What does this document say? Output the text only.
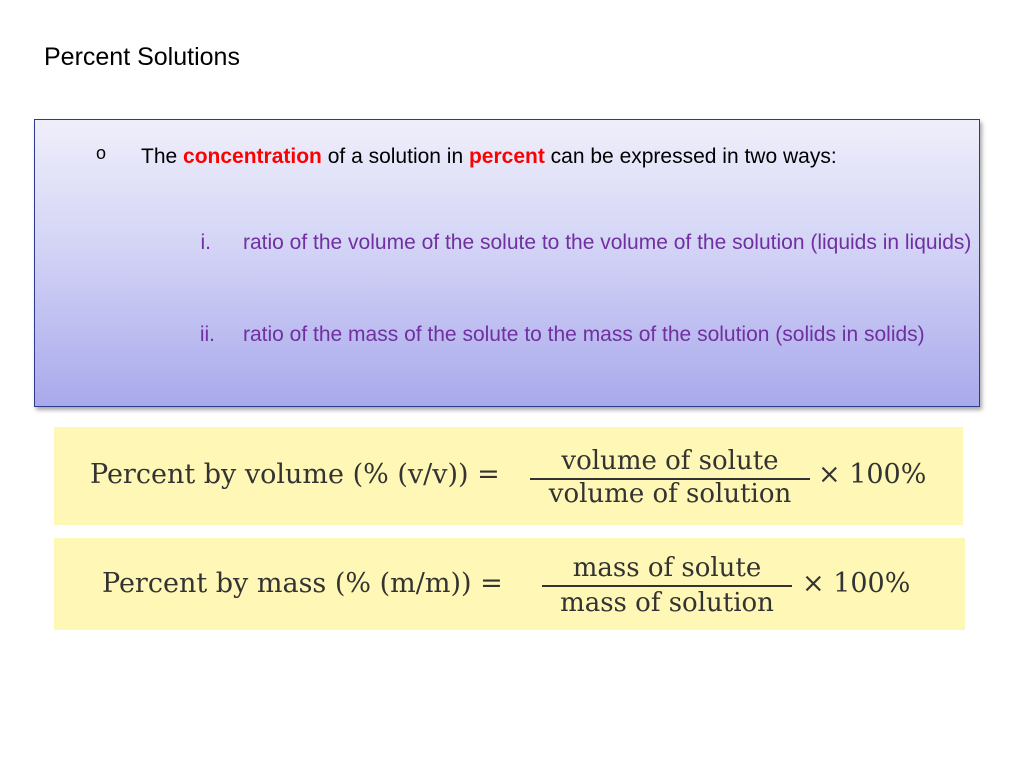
Percent Solutions
o The concentration of a solution in percent can be expressed in two ways:
i. ratio of the volume of the solute to the volume of the solution (liquids in liquids)
ii. ratio of the mass of the solute to the mass of the solution (solids in solids)
Percent by volume (% (v/v)) =	volume of solute
volume of solution
× 100%
Percent by mass (% (m/m)) =	mass of solute
mass of solution
× 100%
